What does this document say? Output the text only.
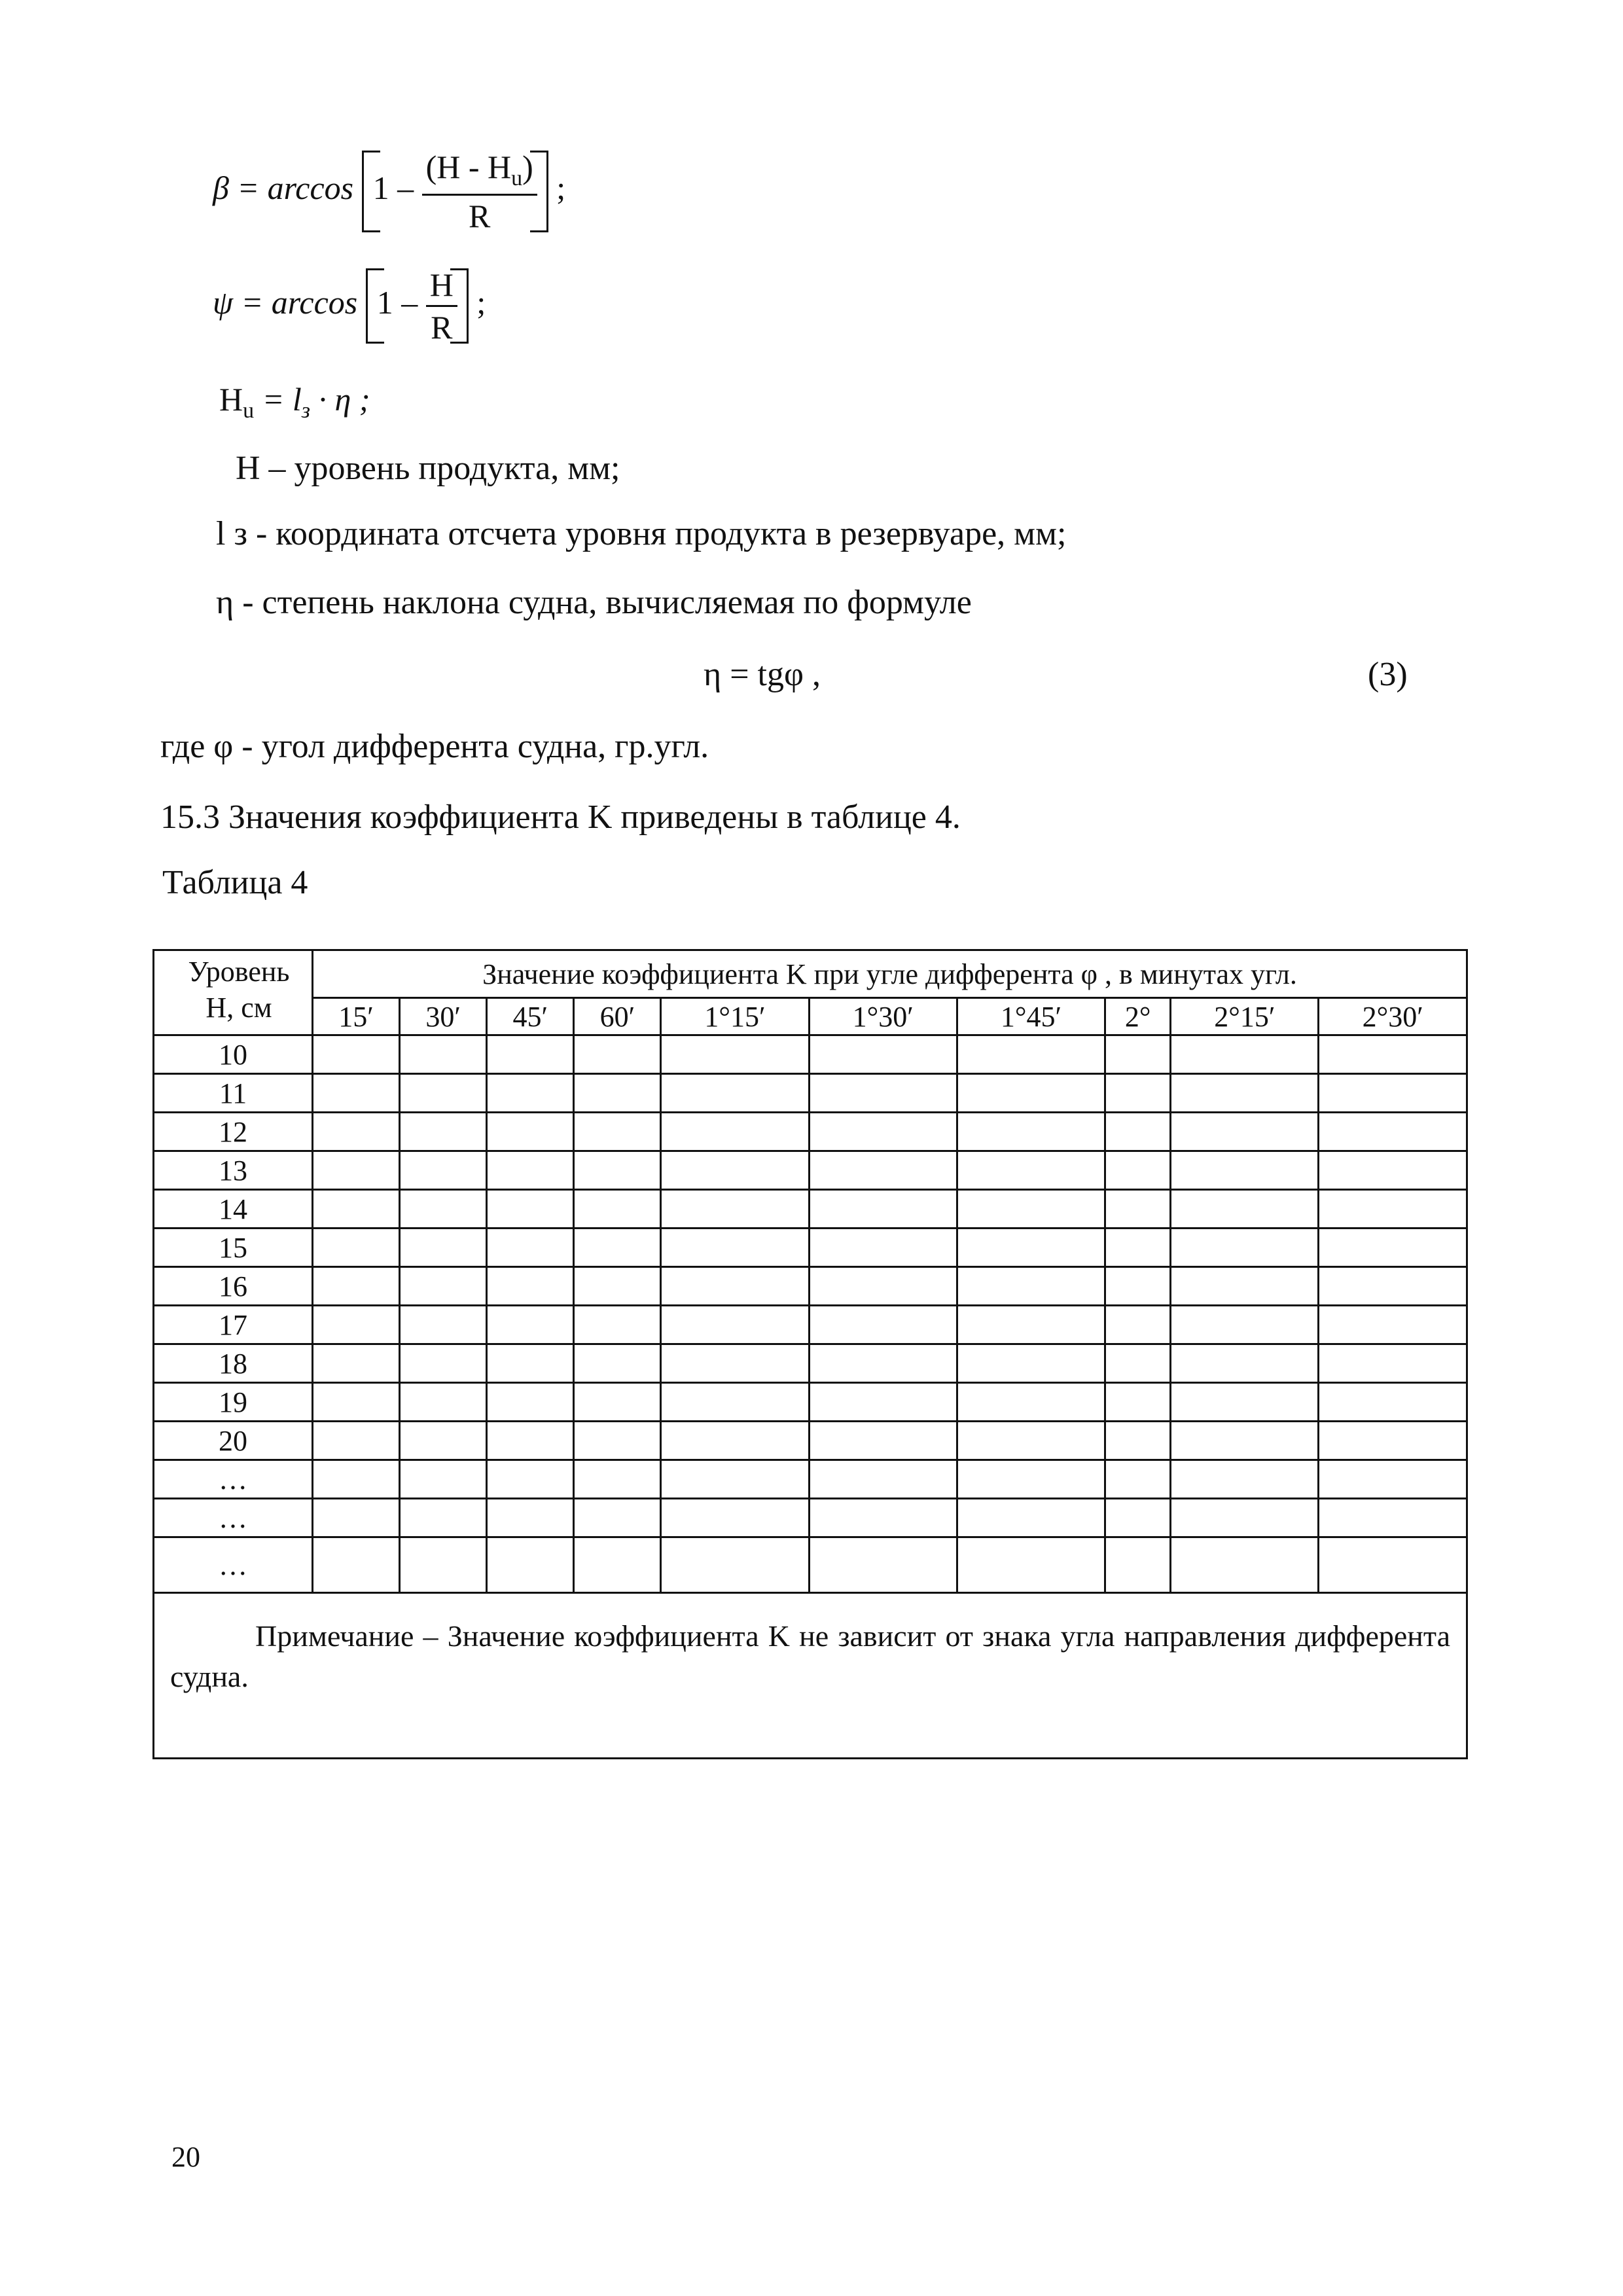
$\beta = \arccos 1 - \frac{(H - H_u)}{R}$ ;
$\psi = \arccos 1 - \frac{H}{R}$ ;
$H_u = l_з \cdot \eta$ ;
H – уровень продукта, мм;
l з - координата отсчета уровня продукта в резервуаре, мм;
η - степень наклона судна, вычисляемая по формуле
η = tgφ ,	(3)
где φ - угол дифферента судна, гр.угл.
15.3 Значения коэффициента K приведены в таблице 4.
Таблица 4
Уровень
H, см	Значение коэффициента K при угле дифферента φ , в минутах угл.									
	15′	30′	45′	60′	1°15′	1°30′	1°45′	2°	2°15′	2°30′
10										
11										
12										
13										
14										
15										
16										
17										
18										
19										
20										
…										
…										
…										
Примечание – Значение коэффициента K не зависит от знака угла направления дифферента судна.										
20
